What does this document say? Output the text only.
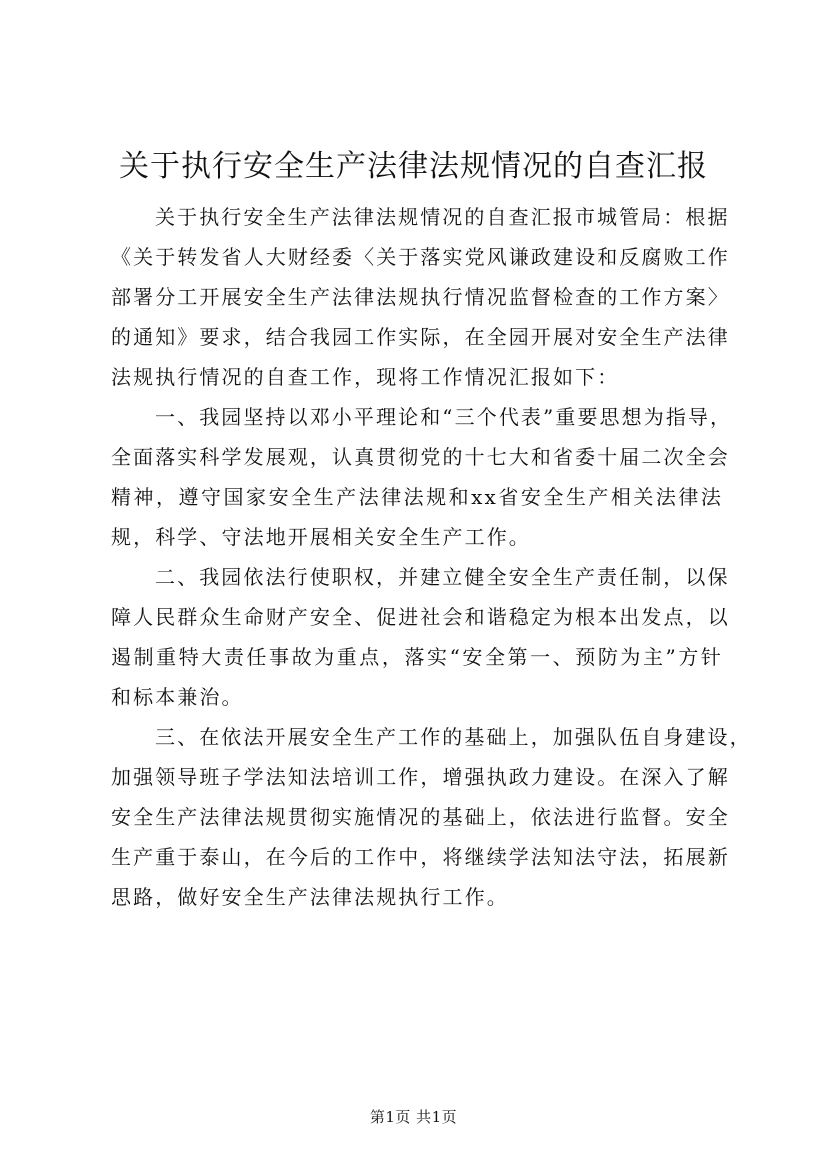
关于执行安全生产法律法规情况的自查汇报
关于执行安全生产法律法规情况的自查汇报市城管局：根据
《关于转发省人大财经委〈关于落实党风谦政建设和反腐败工作
部署分工开展安全生产法律法规执行情况监督检查的工作方案〉
的通知》要求，结合我园工作实际，在全园开展对安全生产法律
法规执行情况的自查工作，现将工作情况汇报如下：
一、我园坚持以邓小平理论和“三个代表”重要思想为指导，
全面落实科学发展观，认真贯彻党的十七大和省委十届二次全会
精神，遵守国家安全生产法律法规和xx省安全生产相关法律法
规，科学、守法地开展相关安全生产工作。
二、我园依法行使职权，并建立健全安全生产责任制，以保
障人民群众生命财产安全、促进社会和谐稳定为根本出发点，以
遏制重特大责任事故为重点，落实“安全第一、预防为主”方针
和标本兼治。
三、在依法开展安全生产工作的基础上，加强队伍自身建设，
加强领导班子学法知法培训工作，增强执政力建设。在深入了解
安全生产法律法规贯彻实施情况的基础上，依法进行监督。安全
生产重于泰山，在今后的工作中，将继续学法知法守法，拓展新
思路，做好安全生产法律法规执行工作。
第1页 共1页
